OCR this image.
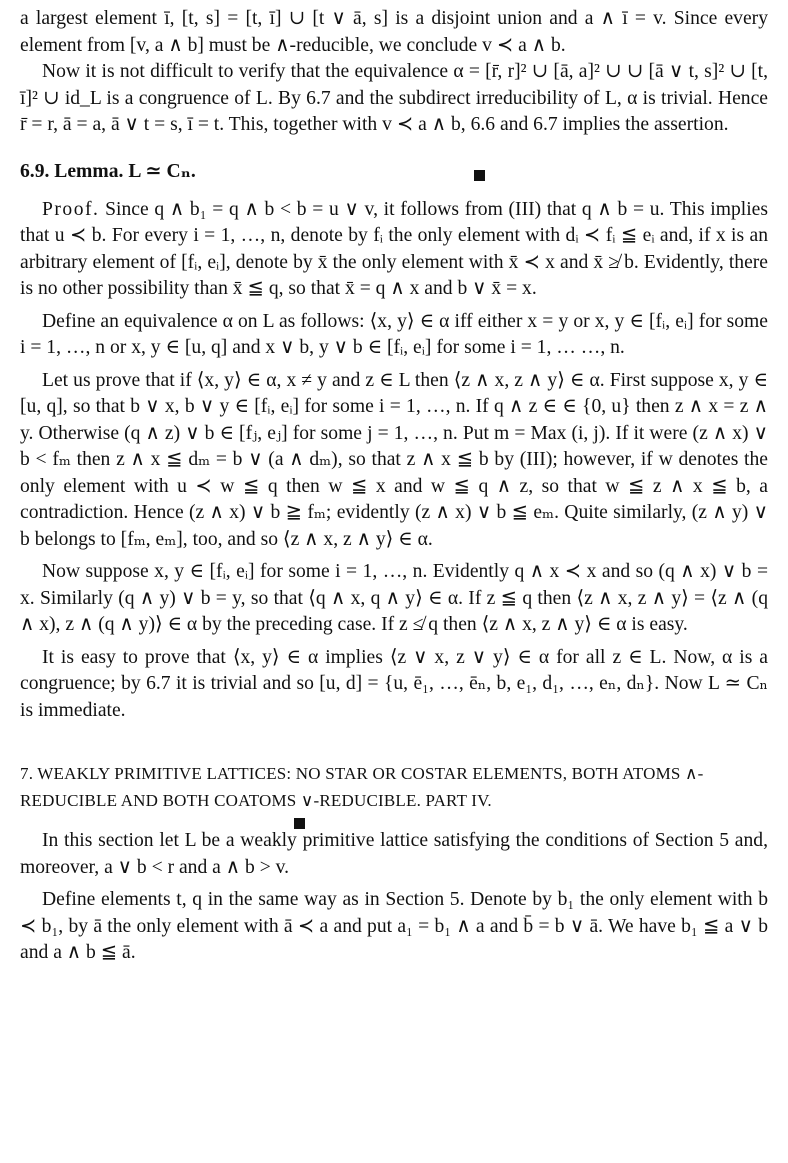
a largest element ī, [t, s] = [t, ī] ∪ [t ∨ ā, s] is a disjoint union and a ∧ ī = v. Since every element from [v, a ∧ b] must be ∧-reducible, we conclude v ≺ a ∧ b.

Now it is not difficult to verify that the equivalence α = [r̄, r]² ∪ [ā, a]² ∪ ∪ [ā ∨ t, s]² ∪ [t, ī]² ∪ id_L is a congruence of L. By 6.7 and the subdirect irreducibility of L, α is trivial. Hence r̄ = r, ā = a, ā ∨ t = s, ī = t. This, together with v ≺ a ∧ b, 6.6 and 6.7 implies the assertion.

6.9. Lemma. L ≃ Cₙ.

Proof. Since q ∧ b₁ = q ∧ b < b = u ∨ v, it follows from (III) that q ∧ b = u. This implies that u ≺ b. For every i = 1, …, n, denote by fᵢ the only element with dᵢ ≺ fᵢ ≦ eᵢ and, if x is an arbitrary element of [fᵢ, eᵢ], denote by x̄ the only element with x̄ ≺ x and x̄ ≱ b. Evidently, there is no other possibility than x̄ ≦ q, so that x̄ = q ∧ x and b ∨ x̄ = x.

Define an equivalence α on L as follows: ⟨x, y⟩ ∈ α iff either x = y or x, y ∈ [fᵢ, eᵢ] for some i = 1, …, n or x, y ∈ [u, q] and x ∨ b, y ∨ b ∈ [fᵢ, eᵢ] for some i = 1, … …, n.

Let us prove that if ⟨x, y⟩ ∈ α, x ≠ y and z ∈ L then ⟨z ∧ x, z ∧ y⟩ ∈ α. First suppose x, y ∈ [u, q], so that b ∨ x, b ∨ y ∈ [fᵢ, eᵢ] for some i = 1, …, n. If q ∧ z ∈ ∈ {0, u} then z ∧ x = z ∧ y. Otherwise (q ∧ z) ∨ b ∈ [fⱼ, eⱼ] for some j = 1, …, n. Put m = Max (i, j). If it were (z ∧ x) ∨ b < fₘ then z ∧ x ≦ dₘ = b ∨ (a ∧ dₘ), so that z ∧ x ≦ b by (III); however, if w denotes the only element with u ≺ w ≦ q then w ≦ x and w ≦ q ∧ z, so that w ≦ z ∧ x ≦ b, a contradiction. Hence (z ∧ x) ∨ b ≧ fₘ; evidently (z ∧ x) ∨ b ≦ eₘ. Quite similarly, (z ∧ y) ∨ b belongs to [fₘ, eₘ], too, and so ⟨z ∧ x, z ∧ y⟩ ∈ α.

Now suppose x, y ∈ [fᵢ, eᵢ] for some i = 1, …, n. Evidently q ∧ x ≺ x and so (q ∧ x) ∨ b = x. Similarly (q ∧ y) ∨ b = y, so that ⟨q ∧ x, q ∧ y⟩ ∈ α. If z ≦ q then ⟨z ∧ x, z ∧ y⟩ = ⟨z ∧ (q ∧ x), z ∧ (q ∧ y)⟩ ∈ α by the preceding case. If z ≰ q then ⟨z ∧ x, z ∧ y⟩ ∈ α is easy.

It is easy to prove that ⟨x, y⟩ ∈ α implies ⟨z ∨ x, z ∨ y⟩ ∈ α for all z ∈ L. Now, α is a congruence; by 6.7 it is trivial and so [u, d] = {u, ē₁, …, ēₙ, b, e₁, d₁, …, eₙ, dₙ}. Now L ≃ Cₙ is immediate.

7. WEAKLY PRIMITIVE LATTICES: NO STAR OR COSTAR ELEMENTS, BOTH ATOMS ∧-REDUCIBLE AND BOTH COATOMS ∨-REDUCIBLE. PART IV.

In this section let L be a weakly primitive lattice satisfying the conditions of Section 5 and, moreover, a ∨ b < r and a ∧ b > v.

Define elements t, q in the same way as in Section 5. Denote by b₁ the only element with b ≺ b₁, by ā the only element with ā ≺ a and put a₁ = b₁ ∧ a and b̄ = b ∨ ā. We have b₁ ≦ a ∨ b and a ∧ b ≦ ā.
